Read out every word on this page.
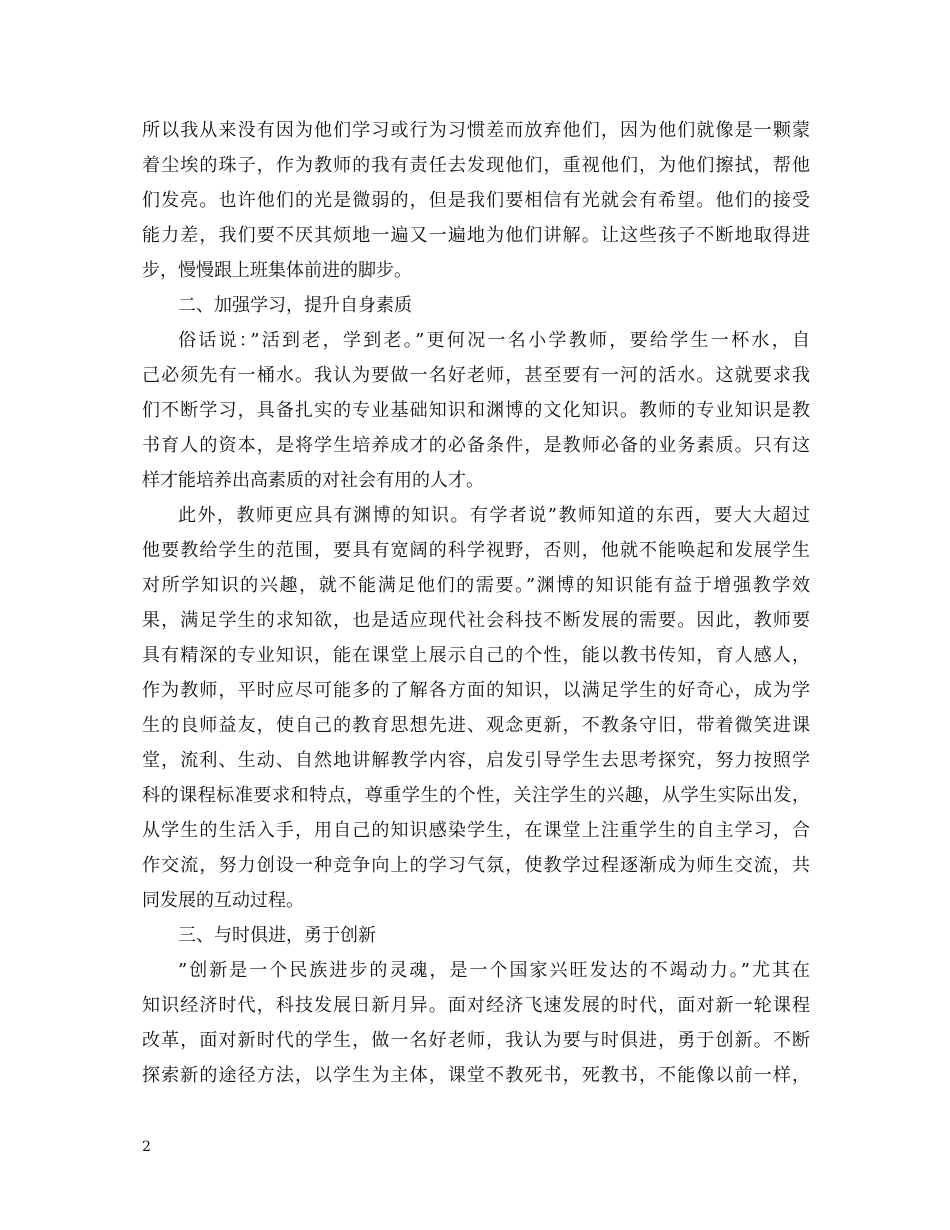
所以我从来没有因为他们学习或行为习惯差而放弃他们，因为他们就像是一颗蒙
着尘埃的珠子，作为教师的我有责任去发现他们，重视他们，为他们擦拭，帮他
们发亮。也许他们的光是微弱的，但是我们要相信有光就会有希望。他们的接受
能力差，我们要不厌其烦地一遍又一遍地为他们讲解。让这些孩子不断地取得进
步，慢慢跟上班集体前进的脚步。
二、加强学习，提升自身素质
俗话说：”活到老，学到老。”更何况一名小学教师，要给学生一杯水，自
己必须先有一桶水。我认为要做一名好老师，甚至要有一河的活水。这就要求我
们不断学习，具备扎实的专业基础知识和渊博的文化知识。教师的专业知识是教
书育人的资本，是将学生培养成才的必备条件，是教师必备的业务素质。只有这
样才能培养出高素质的对社会有用的人才。
此外，教师更应具有渊博的知识。有学者说”教师知道的东西，要大大超过
他要教给学生的范围，要具有宽阔的科学视野，否则，他就不能唤起和发展学生
对所学知识的兴趣，就不能满足他们的需要。”渊博的知识能有益于增强教学效
果，满足学生的求知欲，也是适应现代社会科技不断发展的需要。因此，教师要
具有精深的专业知识，能在课堂上展示自己的个性，能以教书传知，育人感人，
作为教师，平时应尽可能多的了解各方面的知识，以满足学生的好奇心，成为学
生的良师益友，使自己的教育思想先进、观念更新，不教条守旧，带着微笑进课
堂，流利、生动、自然地讲解教学内容，启发引导学生去思考探究，努力按照学
科的课程标准要求和特点，尊重学生的个性，关注学生的兴趣，从学生实际出发，
从学生的生活入手，用自己的知识感染学生，在课堂上注重学生的自主学习，合
作交流，努力创设一种竞争向上的学习气氛，使教学过程逐渐成为师生交流，共
同发展的互动过程。
三、与时俱进，勇于创新
”创新是一个民族进步的灵魂，是一个国家兴旺发达的不竭动力。”尤其在
知识经济时代，科技发展日新月异。面对经济飞速发展的时代，面对新一轮课程
改革，面对新时代的学生，做一名好老师，我认为要与时俱进，勇于创新。不断
探索新的途径方法，以学生为主体，课堂不教死书，死教书，不能像以前一样，
2
